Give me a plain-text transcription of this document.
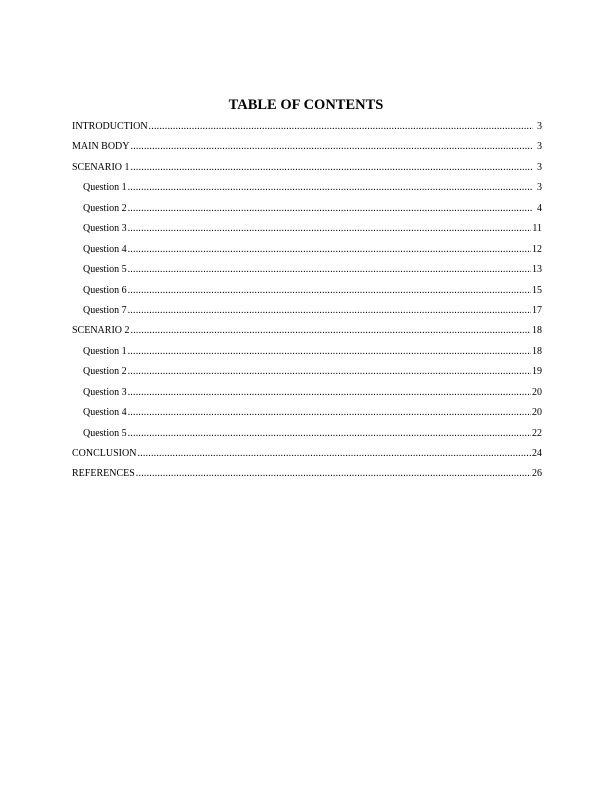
TABLE OF CONTENTS
INTRODUCTION .....	3
MAIN BODY .....	3
SCENARIO 1 .....	3
Question 1 .....	3
Question 2 .....	4
Question 3 .....	11
Question 4 .....	12
Question 5 .....	13
Question 6 .....	15
Question 7 .....	17
SCENARIO 2 .....	18
Question 1 .....	18
Question 2 .....	19
Question 3 .....	20
Question 4 .....	20
Question 5 .....	22
CONCLUSION .....	24
REFERENCES .....	26
